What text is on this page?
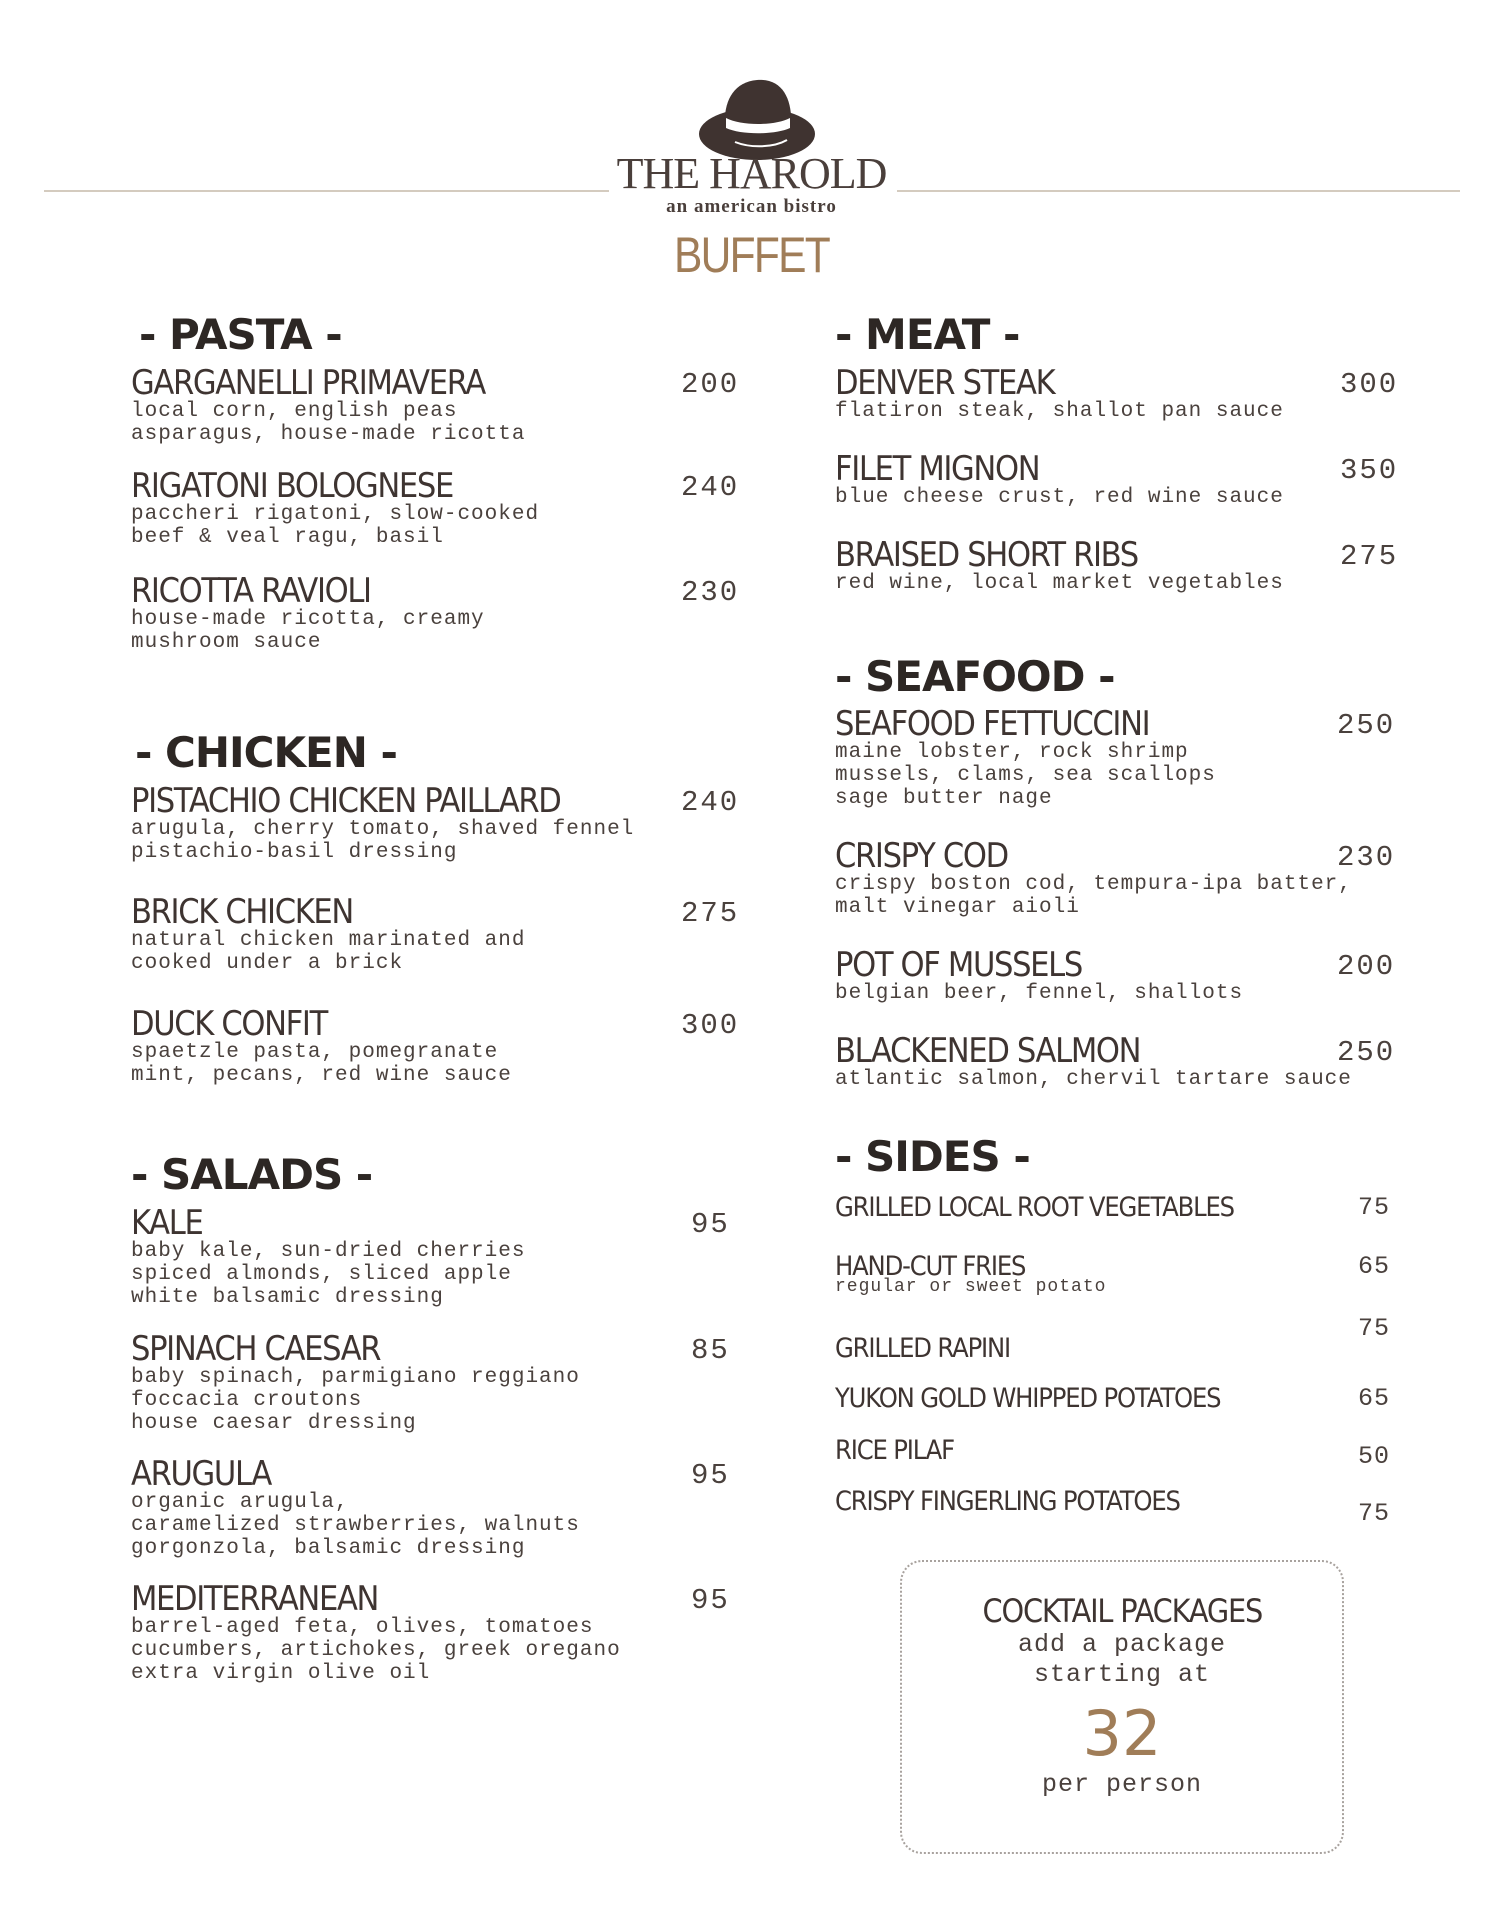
THE HAROLD
an american bistro
BUFFET
- PASTA -
GARGANELLI PRIMAVERA
local corn, english peas
asparagus, house-made ricotta
200
RIGATONI BOLOGNESE
paccheri rigatoni, slow-cooked
beef & veal ragu, basil
240
RICOTTA RAVIOLI
house-made ricotta, creamy
mushroom sauce
230
- CHICKEN -
PISTACHIO CHICKEN PAILLARD
arugula, cherry tomato, shaved fennel
pistachio-basil dressing
240
BRICK CHICKEN
natural chicken marinated and
cooked under a brick
275
DUCK CONFIT
spaetzle pasta, pomegranate
mint, pecans, red wine sauce
300
- SALADS -
KALE
baby kale, sun-dried cherries
spiced almonds, sliced apple
white balsamic dressing
95
SPINACH CAESAR
baby spinach, parmigiano reggiano
foccacia croutons
house caesar dressing
85
ARUGULA
organic arugula,
caramelized strawberries, walnuts
gorgonzola, balsamic dressing
95
MEDITERRANEAN
barrel-aged feta, olives, tomatoes
cucumbers, artichokes, greek oregano
extra virgin olive oil
95
- MEAT -
DENVER STEAK
flatiron steak, shallot pan sauce
300
FILET MIGNON
blue cheese crust, red wine sauce
350
BRAISED SHORT RIBS
red wine, local market vegetables
275
- SEAFOOD -
SEAFOOD FETTUCCINI
maine lobster, rock shrimp
mussels, clams, sea scallops
sage butter nage
250
CRISPY COD
crispy boston cod, tempura-ipa batter,
malt vinegar aioli
230
POT OF MUSSELS
belgian beer, fennel, shallots
200
BLACKENED SALMON
atlantic salmon, chervil tartare sauce
250
- SIDES -
GRILLED LOCAL ROOT VEGETABLES	75
HAND-CUT FRIES
regular or sweet potato
65
GRILLED RAPINI
75
YUKON GOLD WHIPPED POTATOES	65
RICE PILAF	50
CRISPY FINGERLING POTATOES	75
COCKTAIL PACKAGES
add a package
starting at
32
per person
